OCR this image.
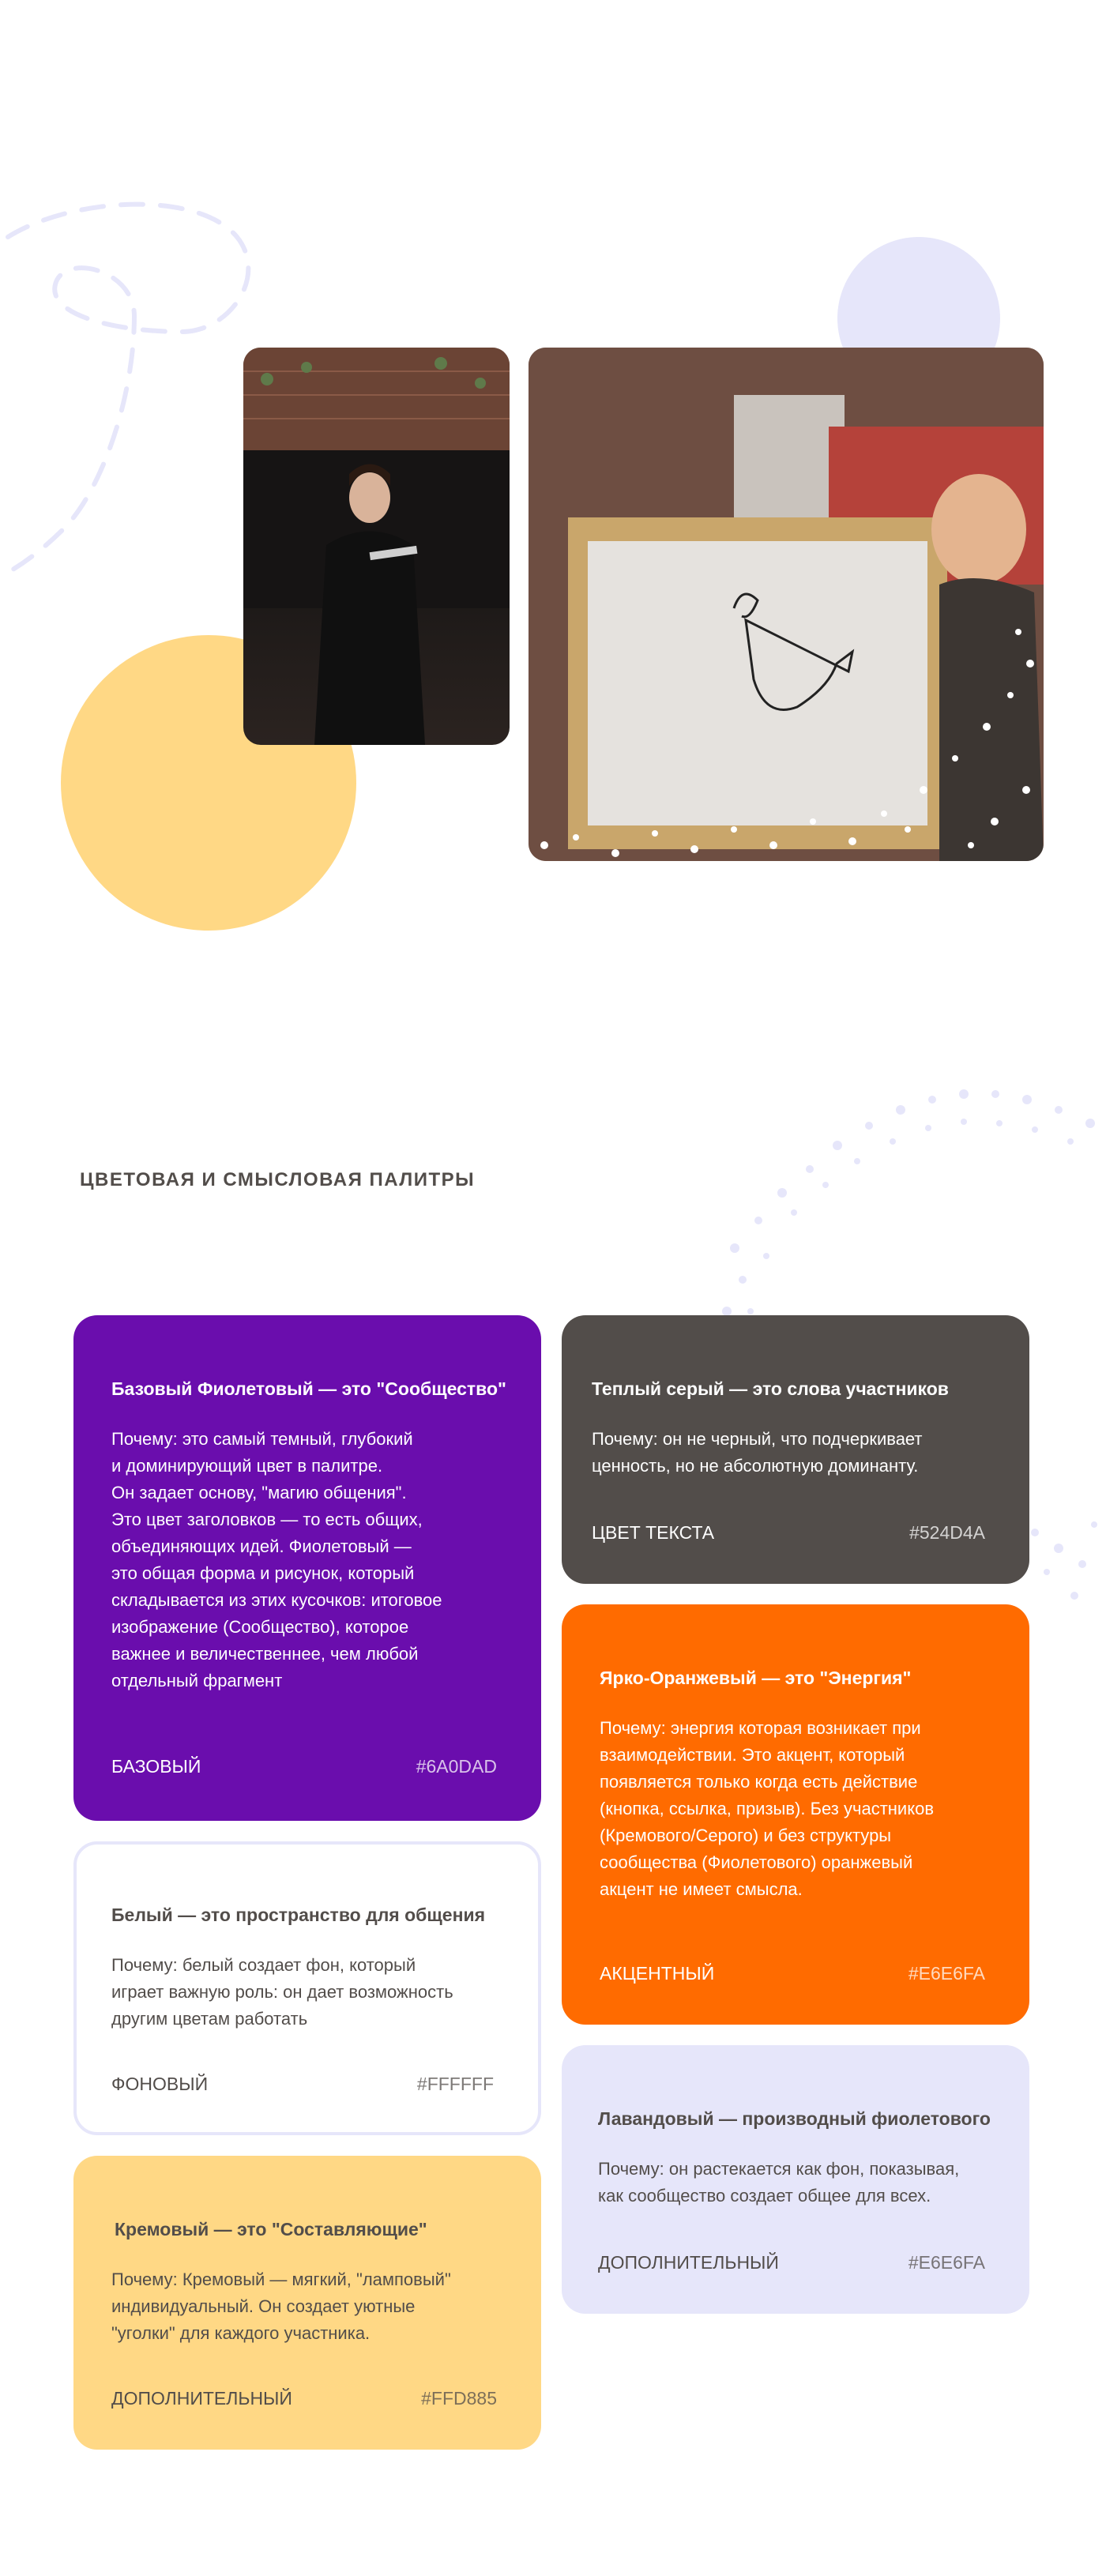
ЦВЕТОВАЯ И СМЫСЛОВАЯ ПАЛИТРЫ
Базовый Фиолетовый — это "Сообщество"

Почему: это самый темный, глубокий
и доминирующий цвет в палитре.
Он задает основу, "магию общения".
Это цвет заголовков — то есть общих,
объединяющих идей. Фиолетовый —
это общая форма и рисунок, который
складывается из этих кусочков: итоговое
изображение (Сообщество), которое
важнее и величественнее, чем любой
отдельный фрагмент

БАЗОВЫЙ	#6A0DAD
Теплый серый — это слова участников

Почему: он не черный, что подчеркивает
ценность, но не абсолютную доминанту.

ЦВЕТ ТЕКСТА	#524D4A
Ярко-Оранжевый — это "Энергия"

Почему: энергия которая возникает при
взаимодействии. Это акцент, который
появляется только когда есть действие
(кнопка, ссылка, призыв). Без участников
(Кремового/Серого) и без структуры
сообщества (Фиолетового) оранжевый
акцент не имеет смысла.

АКЦЕНТНЫЙ	#E6E6FA
Белый — это пространство для общения

Почему: белый создает фон, который
играет важную роль: он дает возможность
другим цветам работать

ФОНОВЫЙ	#FFFFFF
Лавандовый — производный фиолетового

Почему: он растекается как фон, показывая,
как сообщество создает общее для всех.

ДОПОЛНИТЕЛЬНЫЙ	#E6E6FA
Кремовый — это "Составляющие"

Почему: Кремовый — мягкий, "ламповый"
индивидуальный. Он создает уютные
"уголки" для каждого участника.

ДОПОЛНИТЕЛЬНЫЙ	#FFD885
